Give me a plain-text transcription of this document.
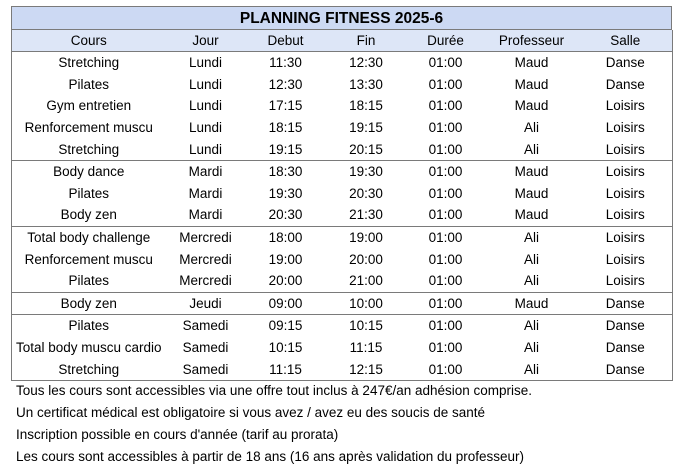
PLANNING FITNESS 2025-6
Cours	Jour	Debut	Fin	Durée	Professeur	Salle
Stretching	Lundi	11:30	12:30	01:00	Maud	Danse
Pilates	Lundi	12:30	13:30	01:00	Maud	Danse
Gym entretien	Lundi	17:15	18:15	01:00	Maud	Loisirs
Renforcement muscu	Lundi	18:15	19:15	01:00	Ali	Loisirs
Stretching	Lundi	19:15	20:15	01:00	Ali	Loisirs
Body dance	Mardi	18:30	19:30	01:00	Maud	Loisirs
Pilates	Mardi	19:30	20:30	01:00	Maud	Loisirs
Body zen	Mardi	20:30	21:30	01:00	Maud	Loisirs
Total body challenge	Mercredi	18:00	19:00	01:00	Ali	Loisirs
Renforcement muscu	Mercredi	19:00	20:00	01:00	Ali	Loisirs
Pilates	Mercredi	20:00	21:00	01:00	Ali	Loisirs
Body zen	Jeudi	09:00	10:00	01:00	Maud	Danse
Pilates	Samedi	09:15	10:15	01:00	Ali	Danse
Total body muscu cardio	Samedi	10:15	11:15	01:00	Ali	Danse
Stretching	Samedi	11:15	12:15	01:00	Ali	Danse
Tous les cours sont accessibles via une offre tout inclus à 247€/an adhésion comprise.
Un certificat médical est obligatoire si vous avez / avez eu des soucis de santé
Inscription possible en cours d'année (tarif au prorata)
Les cours sont accessibles à partir de 18 ans (16 ans après validation du professeur)
